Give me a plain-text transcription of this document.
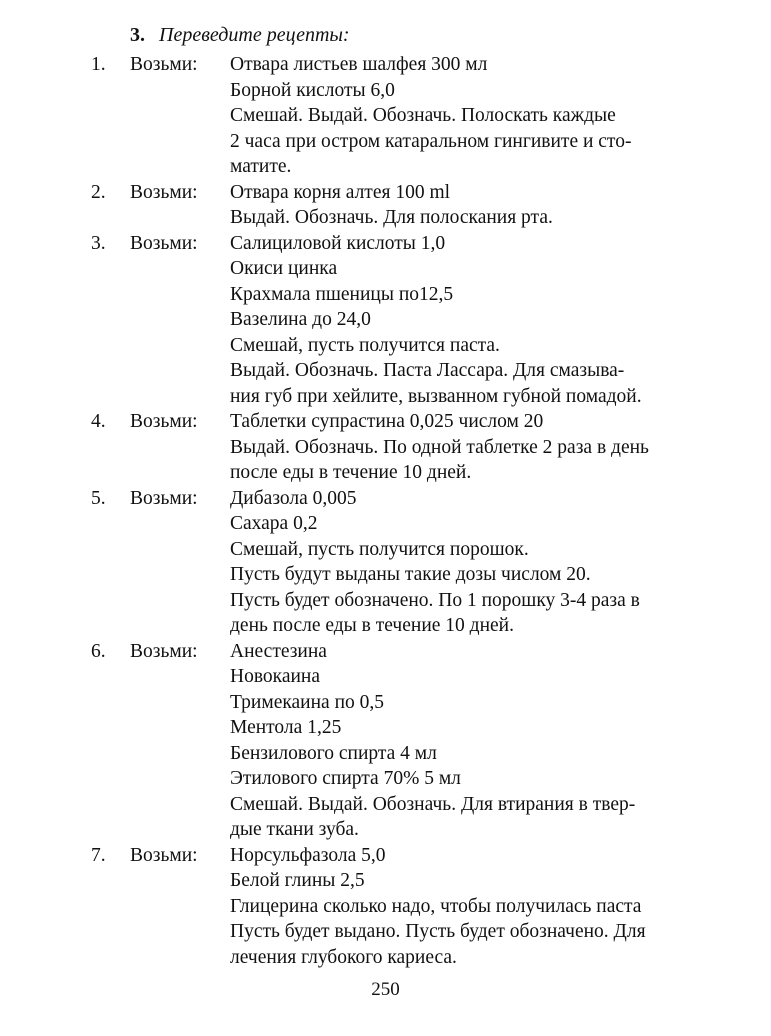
3. Переведите рецепты:
1. Возьми: Отвара листьев шалфея 300 мл
Борной кислоты 6,0
Смешай. Выдай. Обозначь. Полоскать каждые
2 часа при остром катаральном гингивите и сто-
матите.
2. Возьми: Отвара корня алтея 100 ml
Выдай. Обозначь. Для полоскания рта.
3. Возьми: Салициловой кислоты 1,0
Окиси цинка
Крахмала пшеницы по12,5
Вазелина до 24,0
Смешай, пусть получится паста.
Выдай. Обозначь. Паста Лассара. Для смазыва-
ния губ при хейлите, вызванном губной помадой.
4. Возьми: Таблетки супрастина 0,025 числом 20
Выдай. Обозначь. По одной таблетке 2 раза в день
после еды в течение 10 дней.
5. Возьми: Дибазола 0,005
Сахара 0,2
Смешай, пусть получится порошок.
Пусть будут выданы такие дозы числом 20.
Пусть будет обозначено. По 1 порошку 3-4 раза в
день после еды в течение 10 дней.
6. Возьми: Анестезина
Новокаина
Тримекаина по 0,5
Ментола 1,25
Бензилового спирта 4 мл
Этилового спирта 70% 5 мл
Смешай. Выдай. Обозначь. Для втирания в твер-
дые ткани зуба.
7. Возьми: Норсульфазола 5,0
Белой глины 2,5
Глицерина сколько надо, чтобы получилась паста
Пусть будет выдано. Пусть будет обозначено. Для
лечения глубокого кариеса.
250
